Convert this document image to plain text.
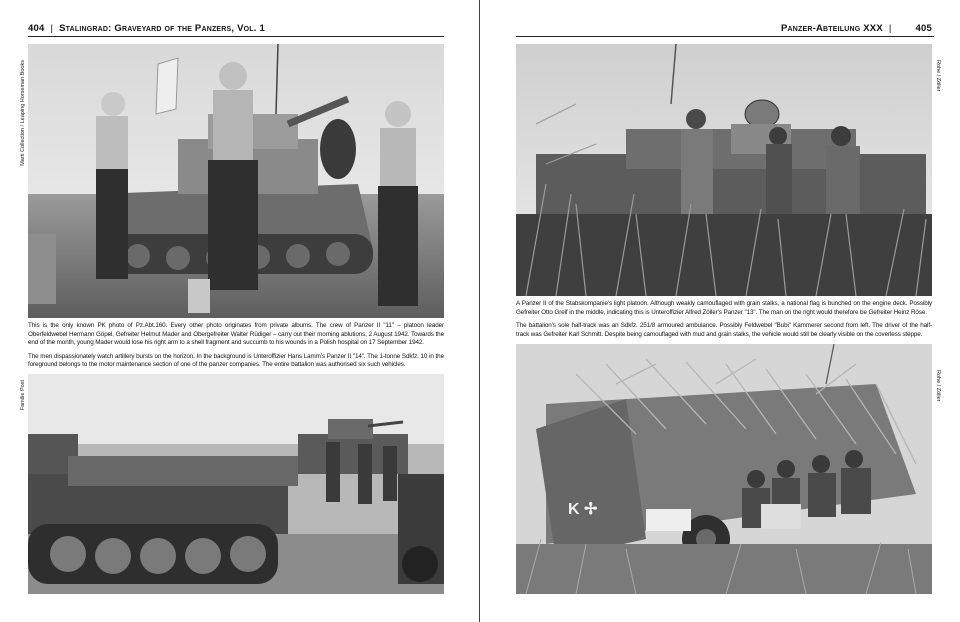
404 | Stalingrad: Graveyard of the Panzers, Vol. 1
Marti Collection / Leaping Horseman Books
Familie Post

This is the only known PK photo of Pz.Abt.160. Every other photo originates from private albums. The crew of Panzer II "11" – platoon leader Oberfeldwebel Hermann Göpel, Gefreiter Helmut Mader and Obergefreiter Walter Rüdiger – carry out their morning ablutions, 2 August 1942. Towards the end of the month, young Mader would lose his right arm to a shell fragment and succumb to his wounds in a Polish hospital on 17 September 1942.

The men dispassionately watch artillery bursts on the horizon. In the background is Unteroffizier Hans Lamm's Panzer II "14". The 1-tonne Sdkfz. 10 in the foreground belongs to the motor maintenance section of one of the panzer companies. The entire battalion was authorised six such vehicles.

Panzer-Abteilung XXX |	405
Rohe / Zöller
Rohe / Zöller

A Panzer II of the Stabskompanie's light platoon. Although weakly camouflaged with grain stalks, a national flag is bunched on the engine deck. Possibly Gefreiter Otto Greif in the middle, indicating this is Unteroffizier Alfred Zöller's Panzer "13". The man on the right would therefore be Gefreiter Heinz Röse.

The battalion's sole half-track was an Sdkfz. 251/8 armoured ambulance. Possibly Feldwebel "Bubi" Kammerer second from left. The driver of the half-track was Gefreiter Karl Schmitt. Despite being camouflaged with mud and grain stalks, the vehicle would still be clearly visible on the coverless steppe.

K ✢
